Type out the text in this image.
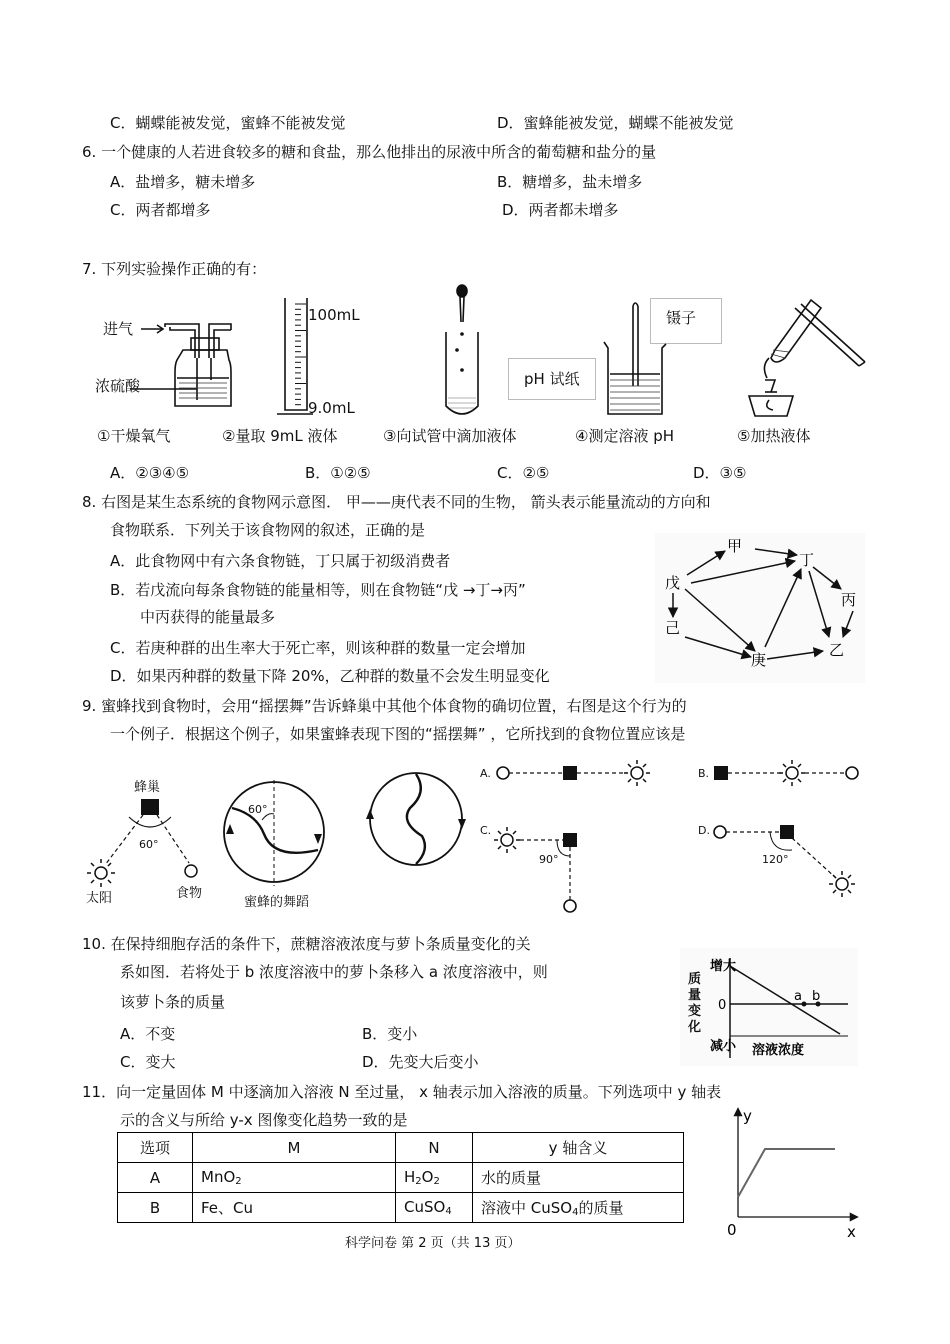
C．蝴蝶能被发觉，蜜蜂不能被发觉	D．蜜蜂能被发觉，蝴蝶不能被发觉
6. 一个健康的人若进食较多的糖和食盐，那么他排出的尿液中所含的葡萄糖和盐分的量
A．盐增多，糖未增多	B．糖增多，盐未增多
C．两者都增多	D．两者都未增多
7. 下列实验操作正确的有：
进气
浓硫酸
100mL
9.0mL
pH 试纸
镊子
①干燥氧气	②量取 9mL 液体	③向试管中滴加液体	④测定溶液 pH	⑤加热液体
A．②③④⑤	B．①②⑤	C．②⑤	D．③⑤
8. 右图是某生态系统的食物网示意图． 甲——庚代表不同的生物， 箭头表示能量流动的方向和
食物联系．下列关于该食物网的叙述，正确的是
A．此食物网中有六条食物链，丁只属于初级消费者
B．若戊流向每条食物链的能量相等，则在食物链“戊 →丁→丙”
中丙获得的能量最多
C．若庚种群的出生率大于死亡率，则该种群的数量一定会增加
D．如果丙种群的数量下降 20%，乙种群的数量不会发生明显变化
甲
丁
戊
丙
己
庚
乙
9. 蜜蜂找到食物时，会用“摇摆舞”告诉蜂巢中其他个体食物的确切位置，右图是这个行为的
一个例子．根据这个例子，如果蜜蜂表现下图的“摇摆舞” ，它所找到的食物位置应该是
蜂巢
60°
太阳	食物
60°
蜜蜂的舞蹈
A.	B.
C.
90°
D.
120°
10. 在保持细胞存活的条件下，蔗糖溶液浓度与萝卜条质量变化的关
系如图．若将处于 b 浓度溶液中的萝卜条移入 a 浓度溶液中，则
该萝卜条的质量
A．不变	B．变小
C．变大	D．先变大后变小
a b
增大
0
减小 溶液浓度
质量变化
11．向一定量固体 M 中逐滴加入溶液 N 至过量， x 轴表示加入溶液的质量。下列选项中 y 轴表
示的含义与所给 y-x 图像变化趋势一致的是
选项	M	N	y 轴含义
A	MnO$_2$	$H_2O_2$	水的质量
B	Fe、Cu	CuSO$_4$	溶液中 CuSO$_4$的质量
y
x
0
科学问卷 第 2 页（共 13 页）
